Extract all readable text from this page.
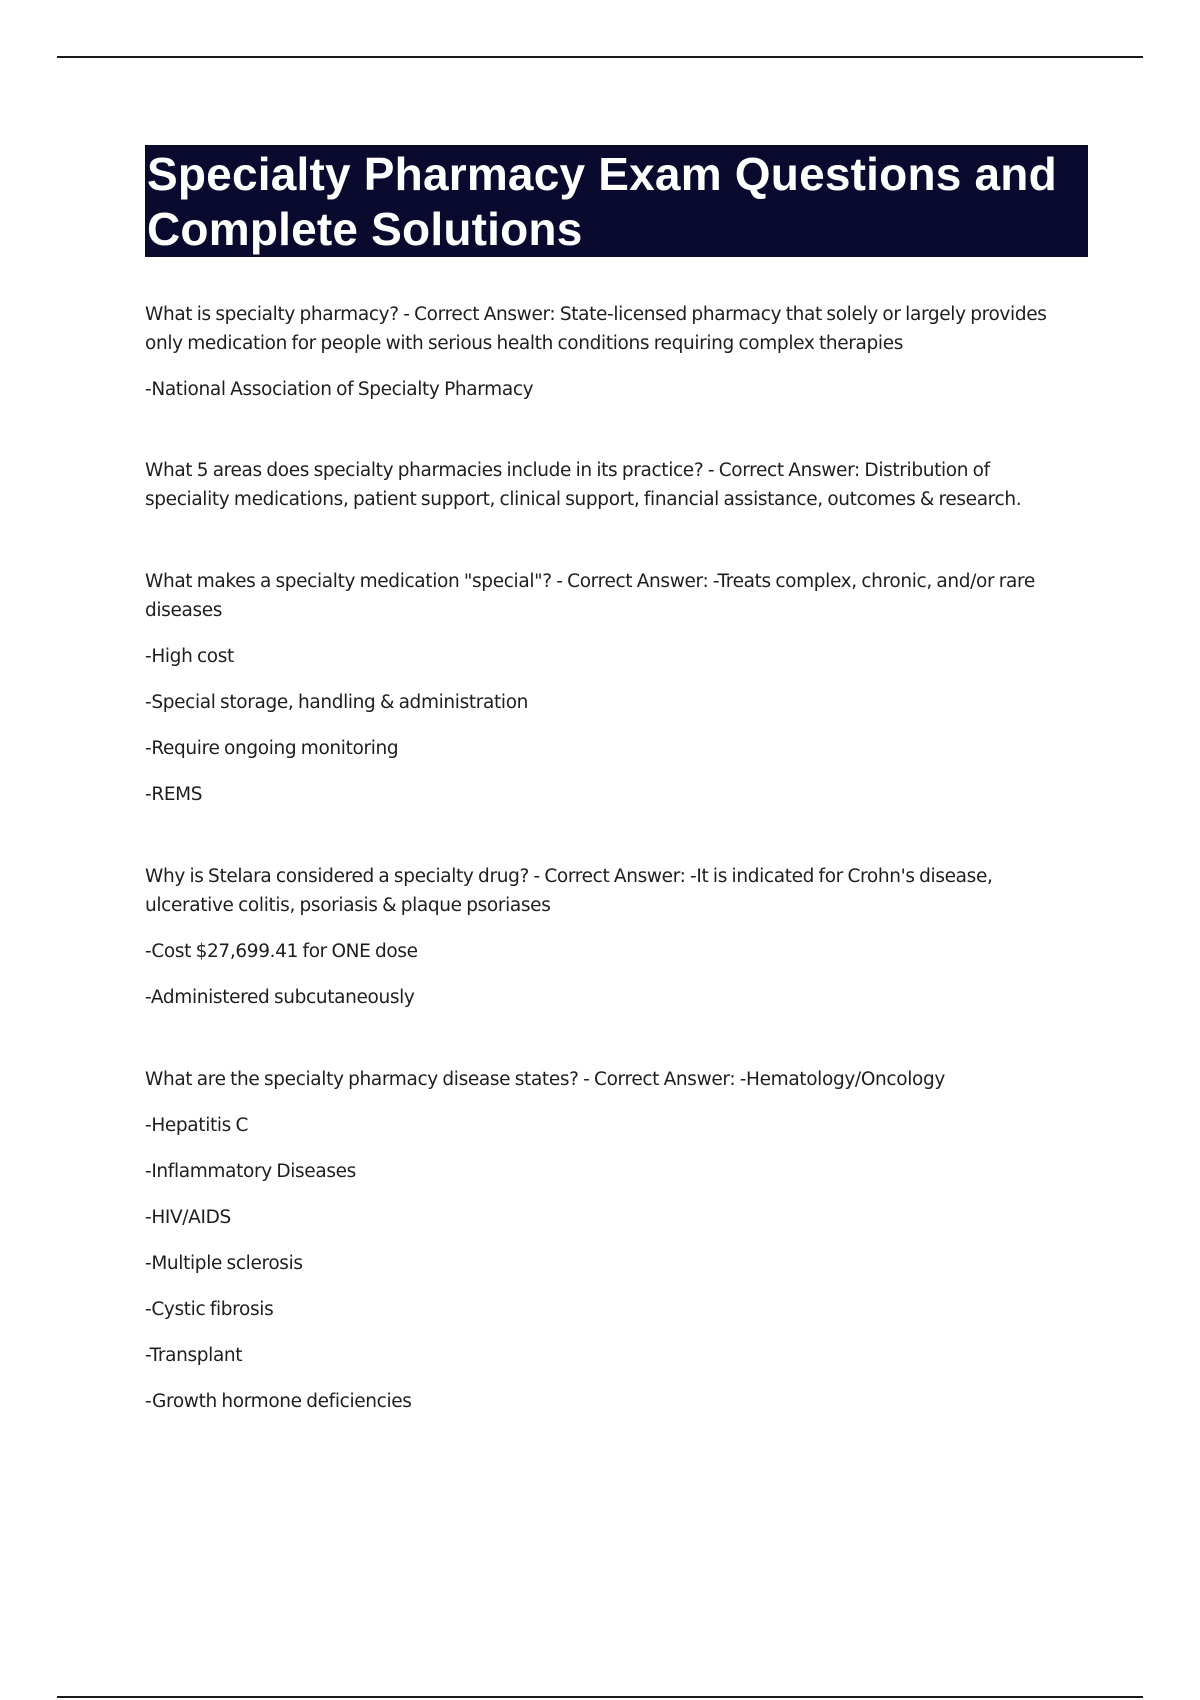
Specialty Pharmacy Exam Questions and Complete Solutions

What is specialty pharmacy? - Correct Answer: State-licensed pharmacy that solely or largely provides only medication for people with serious health conditions requiring complex therapies

-National Association of Specialty Pharmacy

What 5 areas does specialty pharmacies include in its practice? - Correct Answer: Distribution of speciality medications, patient support, clinical support, financial assistance, outcomes & research.

What makes a specialty medication "special"? - Correct Answer: -Treats complex, chronic, and/or rare diseases

-High cost

-Special storage, handling & administration

-Require ongoing monitoring

-REMS

Why is Stelara considered a specialty drug? - Correct Answer: -It is indicated for Crohn's disease, ulcerative colitis, psoriasis & plaque psoriases

-Cost $27,699.41 for ONE dose

-Administered subcutaneously

What are the specialty pharmacy disease states? - Correct Answer: -Hematology/Oncology

-Hepatitis C

-Inflammatory Diseases

-HIV/AIDS

-Multiple sclerosis

-Cystic fibrosis

-Transplant

-Growth hormone deficiencies
